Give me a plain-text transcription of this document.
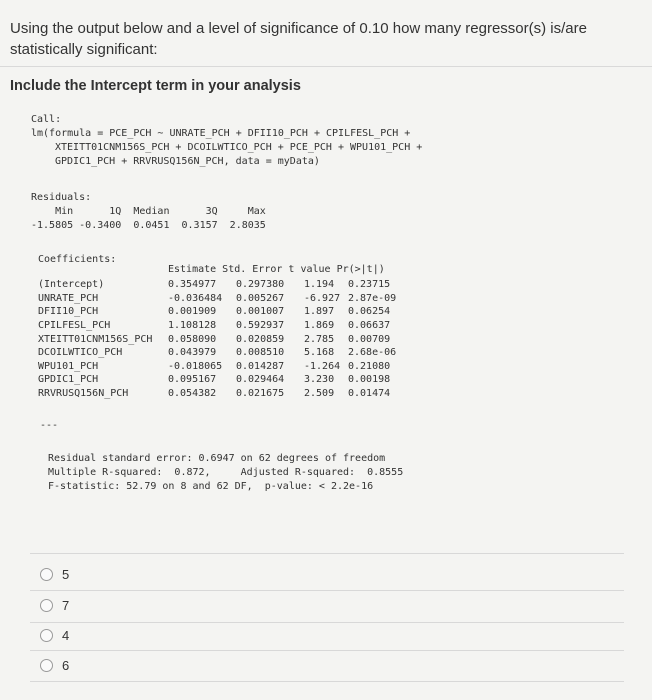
Using the output below and a level of significance of 0.10 how many regressor(s) is/are statistically significant:
Include the Intercept term in your analysis
Call:
lm(formula = PCE_PCH ~ UNRATE_PCH + DFII10_PCH + CPILFESL_PCH +
XTEITT01CNM156S_PCH + DCOILWTICO_PCH + PCE_PCH + WPU101_PCH +
GPDIC1_PCH + RRVRUSQ156N_PCH, data = myData)
Residuals:
Min      1Q  Median      3Q     Max
-1.5805 -0.3400  0.0451  0.3157  2.8035
Coefficients:
Estimate Std. Error t value Pr(>|t|)
(Intercept)	0.354977	0.297380	1.194	0.23715
UNRATE_PCH	-0.036484	0.005267	-6.927	2.87e-09
DFII10_PCH	0.001909	0.001007	1.897	0.06254
CPILFESL_PCH	1.108128	0.592937	1.869	0.06637
XTEITT01CNM156S_PCH	0.058090	0.020859	2.785	0.00709
DCOILWTICO_PCH	0.043979	0.008510	5.168	2.68e-06
WPU101_PCH	-0.018065	0.014287	-1.264	0.21080
GPDIC1_PCH	0.095167	0.029464	3.230	0.00198
RRVRUSQ156N_PCH	0.054382	0.021675	2.509	0.01474
---
Residual standard error: 0.6947 on 62 degrees of freedom
Multiple R-squared:  0.872,     Adjusted R-squared:  0.8555
F-statistic: 52.79 on 8 and 62 DF,  p-value: < 2.2e-16
5
7
4
6
